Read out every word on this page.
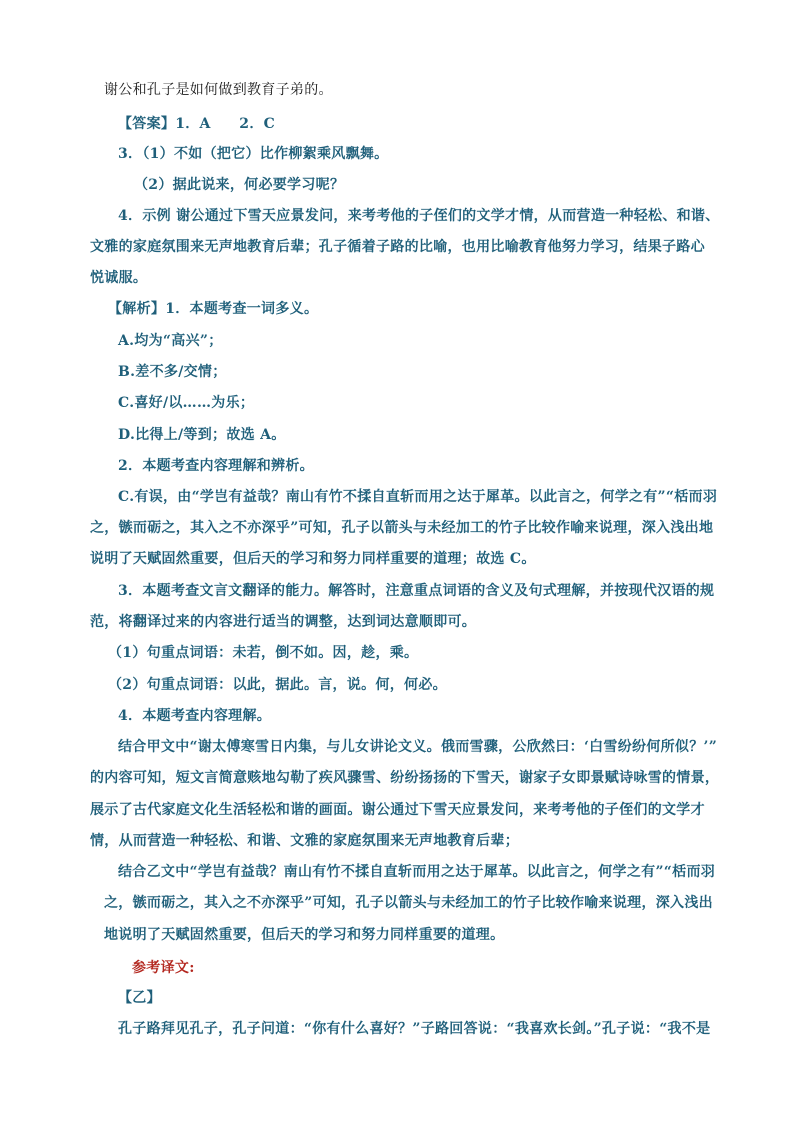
谢公和孔子是如何做到教育子弟的。
【答案】1．A　　2．C
3．（1）不如（把它）比作柳絮乘风飘舞。
（2）据此说来，何必要学习呢？
4．示例 谢公通过下雪天应景发问，来考考他的子侄们的文学才情，从而营造一种轻松、和谐、
文雅的家庭氛围来无声地教育后辈；孔子循着子路的比喻，也用比喻教育他努力学习，结果子路心
悦诚服。
【解析】1．本题考查一词多义。
A.均为“高兴”；
B.差不多/交情；
C.喜好/以……为乐；
D.比得上/等到；故选 A。
2．本题考查内容理解和辨析。
C.有误，由“学岂有益哉？南山有竹不揉自直斩而用之达于犀革。以此言之，何学之有”“栝而羽
之，镞而砺之，其入之不亦深乎”可知，孔子以箭头与未经加工的竹子比较作喻来说理，深入浅出地
说明了天赋固然重要，但后天的学习和努力同样重要的道理；故选 C。
3．本题考查文言文翻译的能力。解答时，注意重点词语的含义及句式理解，并按现代汉语的规
范，将翻译过来的内容进行适当的调整，达到词达意顺即可。
（1）句重点词语：未若，倒不如。因，趁，乘。
（2）句重点词语：以此，据此。言，说。何，何必。
4．本题考查内容理解。
结合甲文中“谢太傅寒雪日内集，与儿女讲论文义。俄而雪骤，公欣然曰：‘白雪纷纷何所似？’”
的内容可知，短文言简意赅地勾勒了疾风骤雪、纷纷扬扬的下雪天，谢家子女即景赋诗咏雪的情景，
展示了古代家庭文化生活轻松和谐的画面。谢公通过下雪天应景发问，来考考他的子侄们的文学才
情，从而营造一种轻松、和谐、文雅的家庭氛围来无声地教育后辈；
结合乙文中“学岂有益哉？南山有竹不揉自直斩而用之达于犀革。以此言之，何学之有”“栝而羽
之，镞而砺之，其入之不亦深乎”可知，孔子以箭头与未经加工的竹子比较作喻来说理，深入浅出
地说明了天赋固然重要，但后天的学习和努力同样重要的道理。
参考译文:
【乙】
孔子路拜见孔子，孔子问道：“你有什么喜好？”子路回答说：“我喜欢长剑。”孔子说：“我不是
